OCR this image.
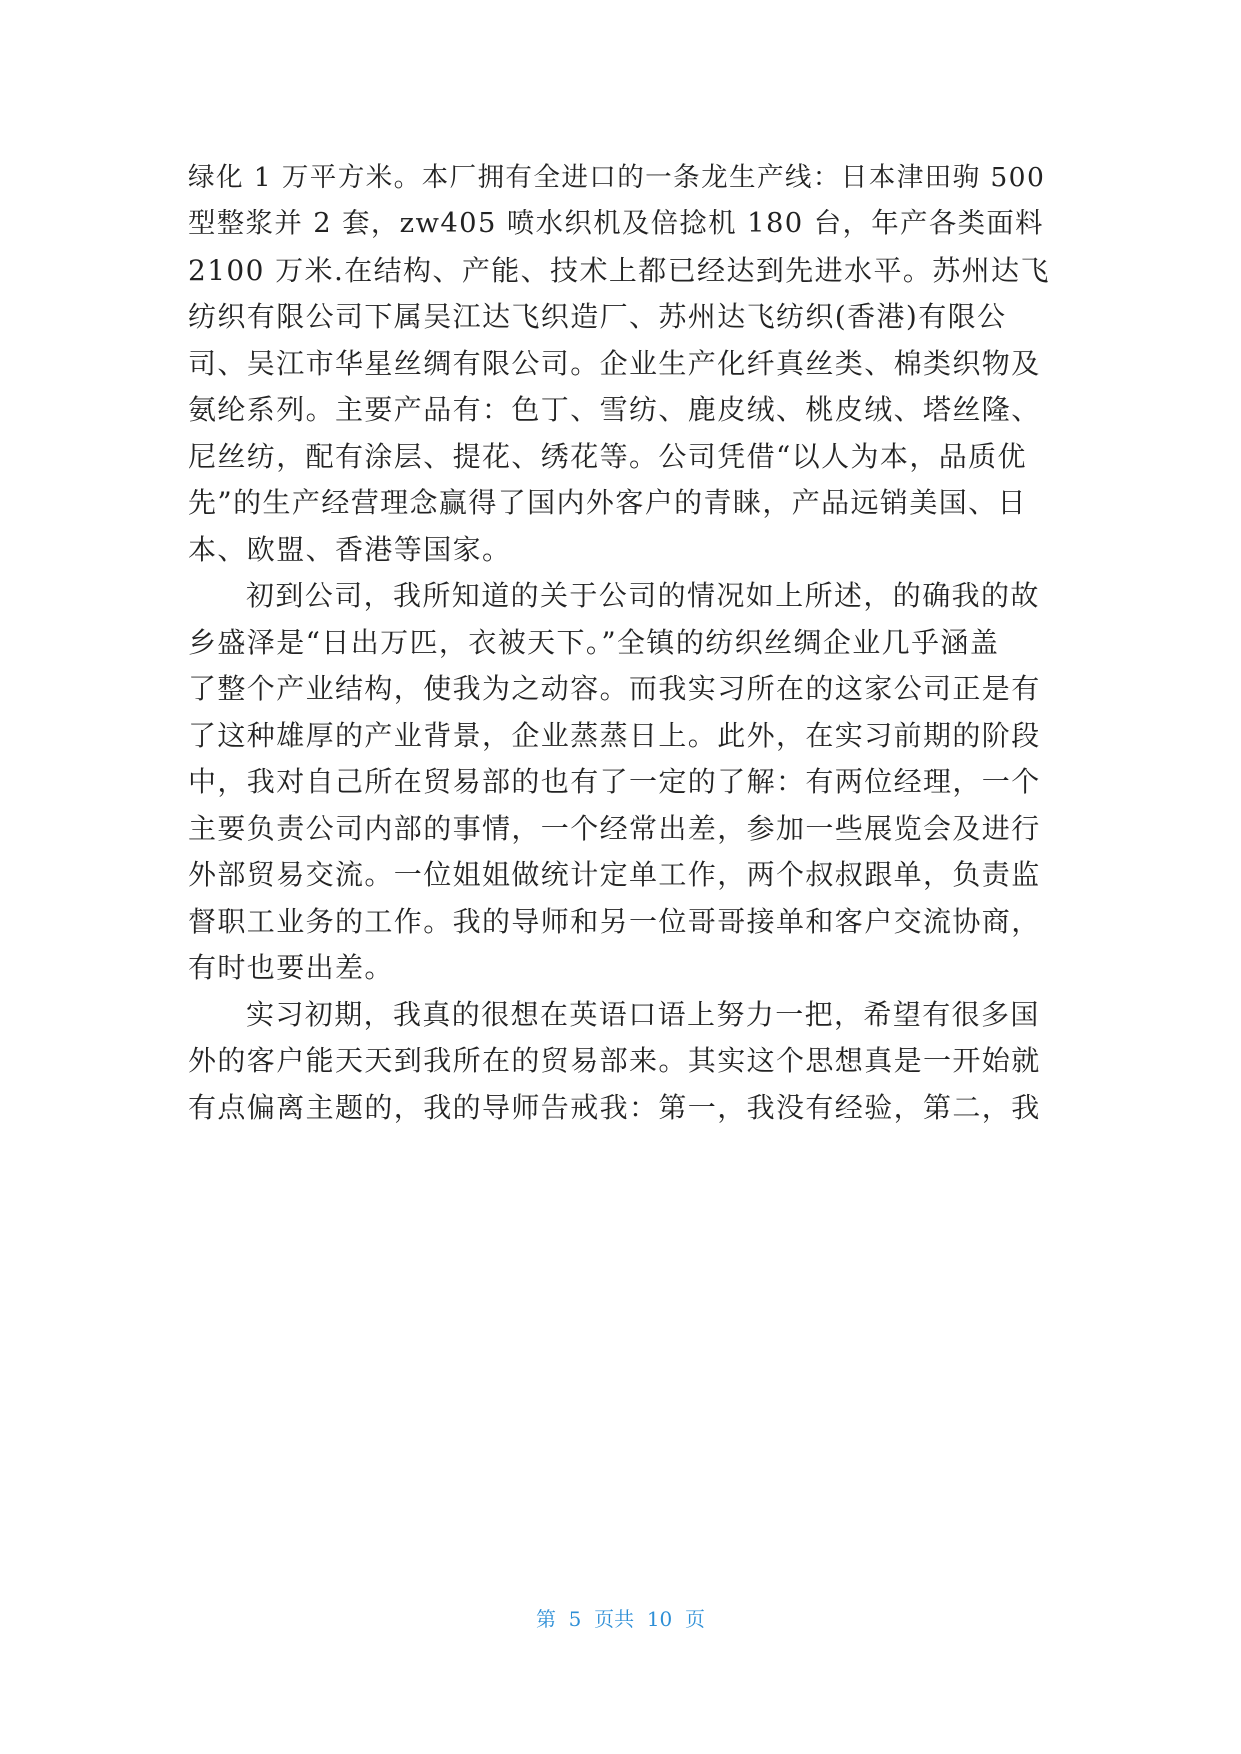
绿化 1 万平方米。本厂拥有全进口的一条龙生产线：日本津田驹 500
型整浆并 2 套，zw405 喷水织机及倍捻机 180 台，年产各类面料
2100 万米.在结构、产能、技术上都已经达到先进水平。苏州达飞
纺织有限公司下属吴江达飞织造厂、苏州达飞纺织(香港)有限公
司、吴江市华星丝绸有限公司。企业生产化纤真丝类、棉类织物及
氨纶系列。主要产品有：色丁、雪纺、鹿皮绒、桃皮绒、塔丝隆、
尼丝纺，配有涂层、提花、绣花等。公司凭借“以人为本，品质优
先”的生产经营理念赢得了国内外客户的青睐，产品远销美国、日
本、欧盟、香港等国家。
初到公司，我所知道的关于公司的情况如上所述，的确我的故
乡盛泽是“日出万匹，衣被天下。”全镇的纺织丝绸企业几乎涵盖
了整个产业结构，使我为之动容。而我实习所在的这家公司正是有
了这种雄厚的产业背景，企业蒸蒸日上。此外，在实习前期的阶段
中，我对自己所在贸易部的也有了一定的了解：有两位经理，一个
主要负责公司内部的事情，一个经常出差，参加一些展览会及进行
外部贸易交流。一位姐姐做统计定单工作，两个叔叔跟单，负责监
督职工业务的工作。我的导师和另一位哥哥接单和客户交流协商，
有时也要出差。
实习初期，我真的很想在英语口语上努力一把，希望有很多国
外的客户能天天到我所在的贸易部来。其实这个思想真是一开始就
有点偏离主题的，我的导师告戒我：第一，我没有经验，第二，我
第  5  页共  10  页
